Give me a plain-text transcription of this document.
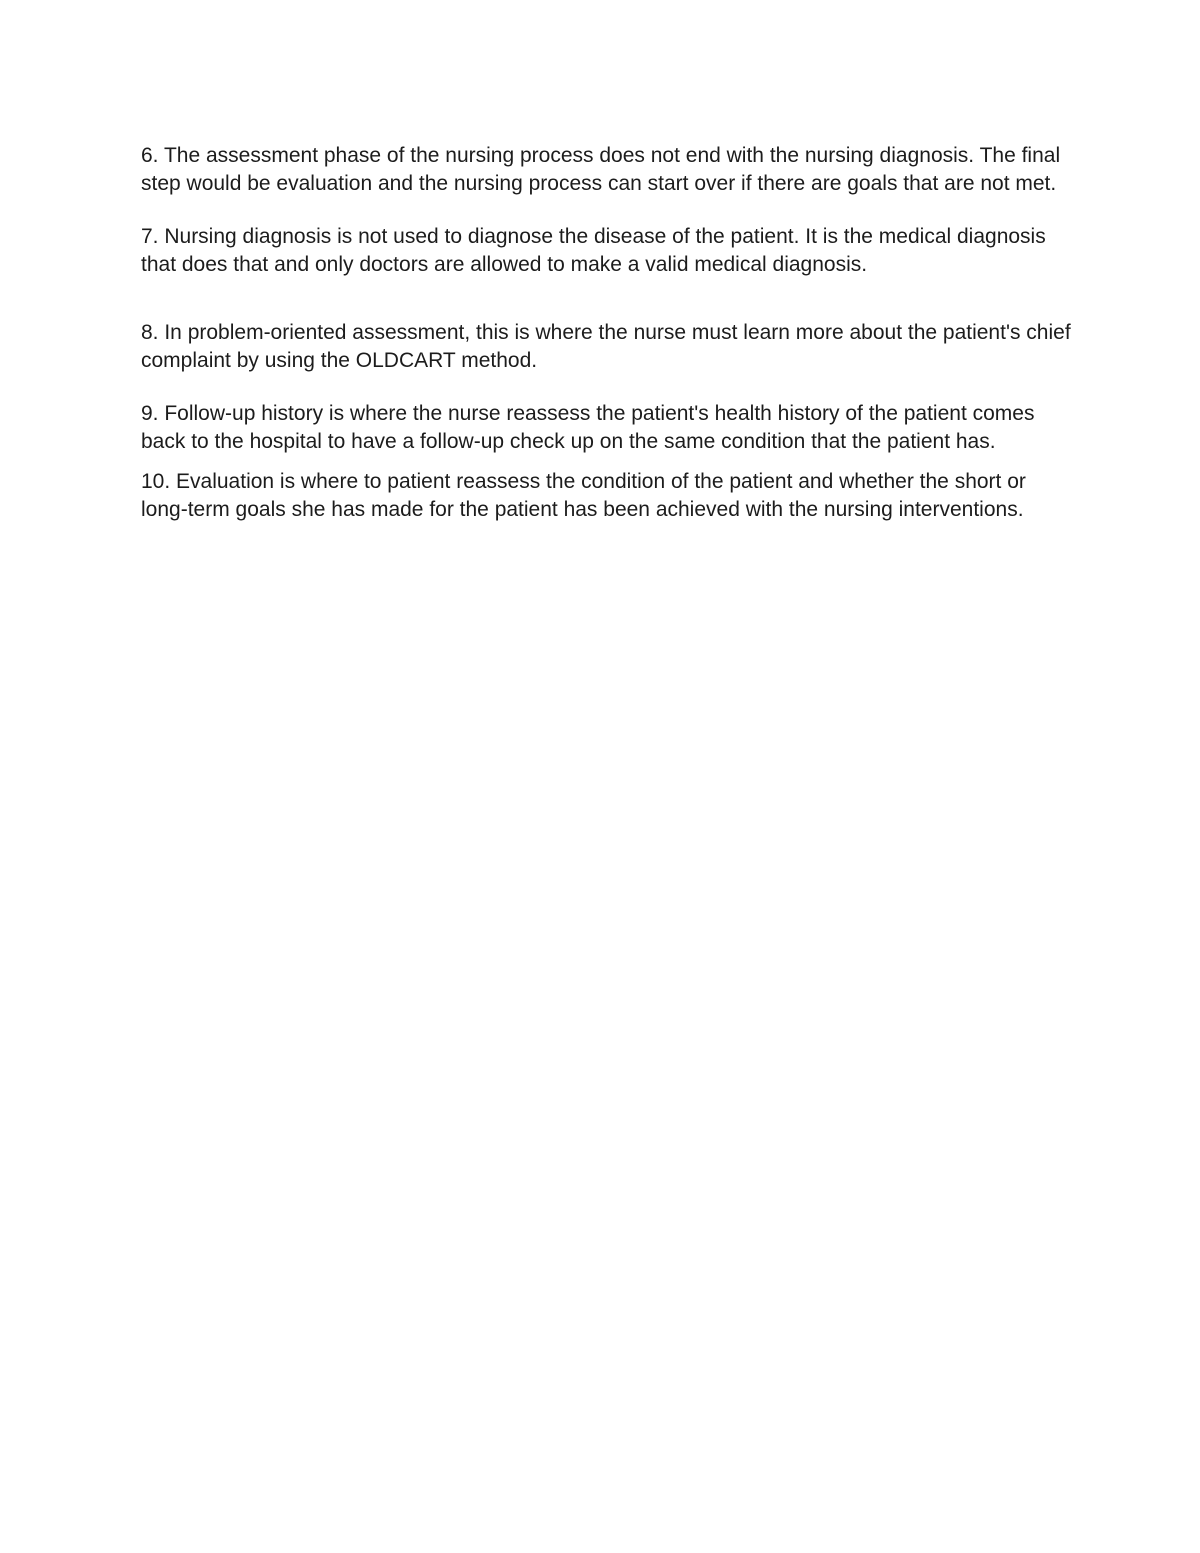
6. The assessment phase of the nursing process does not end with the nursing diagnosis. The final step would be evaluation and the nursing process can start over if there are goals that are not met.

7. Nursing diagnosis is not used to diagnose the disease of the patient. It is the medical diagnosis that does that and only doctors are allowed to make a valid medical diagnosis.

8. In problem-oriented assessment, this is where the nurse must learn more about the patient's chief complaint by using the OLDCART method.

9. Follow-up history is where the nurse reassess the patient's health history of the patient comes back to the hospital to have a follow-up check up on the same condition that the patient has.

10. Evaluation is where to patient reassess the condition of the patient and whether the short or long-term goals she has made for the patient has been achieved with the nursing interventions.
